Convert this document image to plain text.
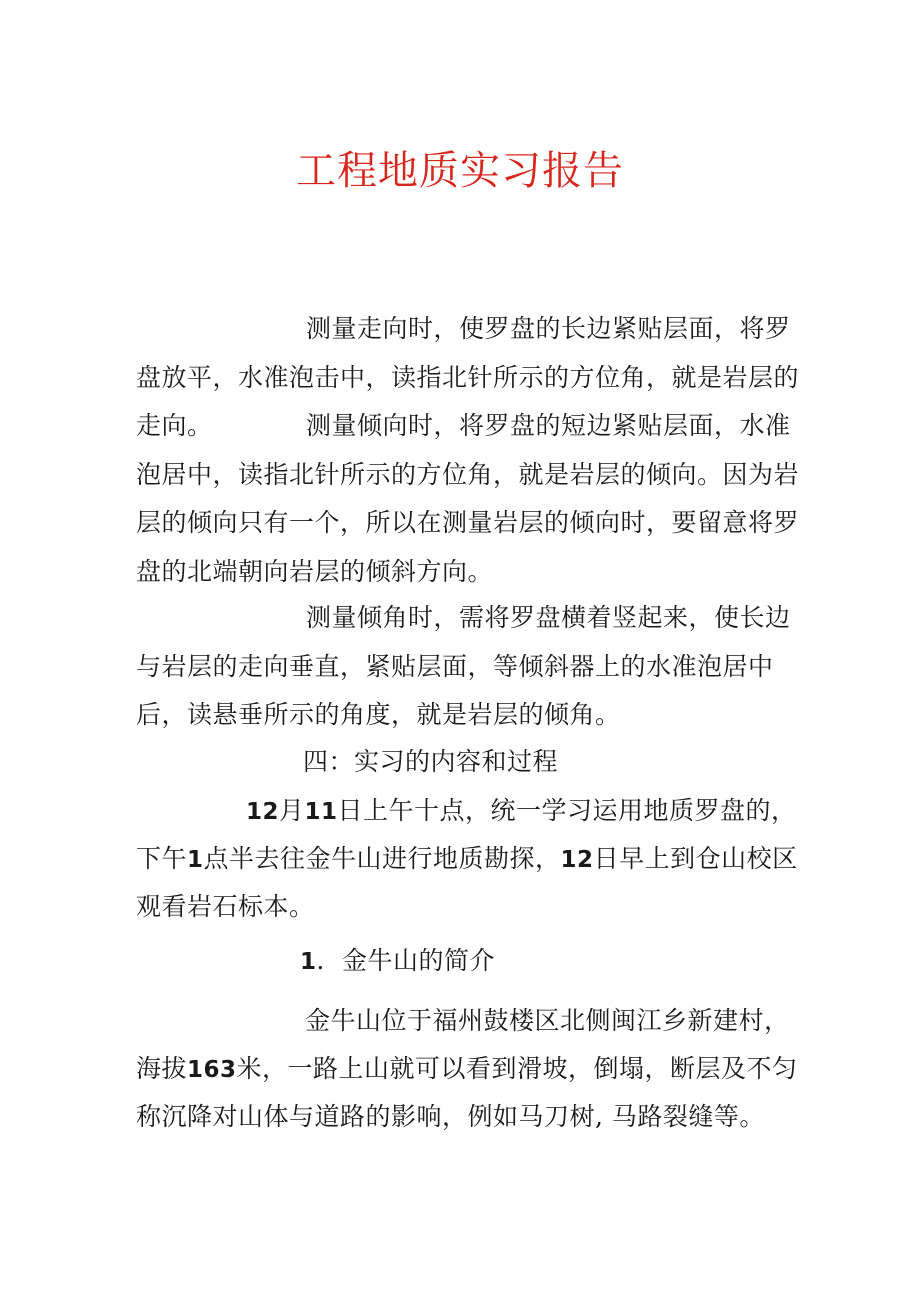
工程地质实习报告

测量走向时，使罗盘的长边紧贴层面，将罗盘放平，水准泡击中，读指北针所示的方位角，就是岩层的走向。	测量倾向时，将罗盘的短边紧贴层面，水准泡居中，读指北针所示的方位角，就是岩层的倾向。因为岩层的倾向只有一个，所以在测量岩层的倾向时，要留意将罗盘的北端朝向岩层的倾斜方向。

测量倾角时，需将罗盘横着竖起来，使长边与岩层的走向垂直，紧贴层面，等倾斜器上的水准泡居中后，读悬垂所示的角度，就是岩层的倾角。

四：实习的内容和过程

12月11日上午十点，统一学习运用地质罗盘的，

下午1点半去往金牛山进行地质勘探，12日早上到仓山校区

观看岩石标本。

1．金牛山的简介

金牛山位于福州鼓楼区北侧闽江乡新建村，

海拔163米，一路上山就可以看到滑坡，倒塌，断层及不匀

称沉降对山体与道路的影响，例如马刀树, 马路裂缝等。
